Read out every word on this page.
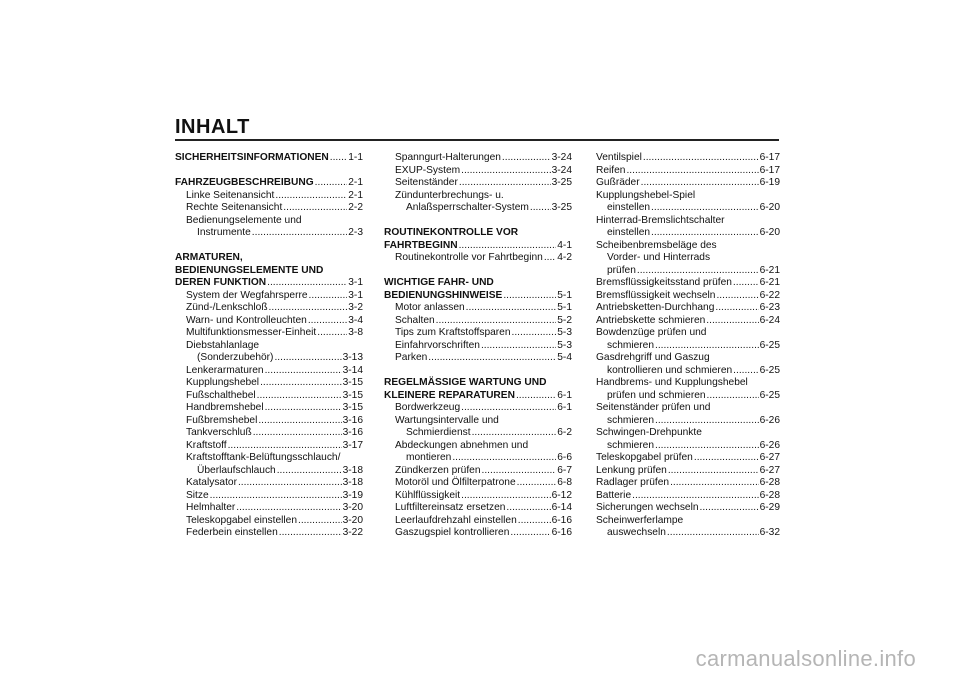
INHALT
SICHERHEITSINFORMATIONEN ..... 1-1
FAHRZEUGBESCHREIBUNG .....	2-1
Linke Seitenansicht .....	2-1
Rechte Seitenansicht .....	2-2
Bedienungselemente und
Instrumente .....	2-3
ARMATUREN,
BEDIENUNGSELEMENTE UND
DEREN FUNKTION .....	3-1
System der Wegfahrsperre .....	3-1
Zünd-/Lenkschloß .....	3-2
Warn- und Kontrolleuchten .....	3-4
Multifunktionsmesser-Einheit .....	3-8
Diebstahlanlage
(Sonderzubehör) .....	3-13
Lenkerarmaturen .....	3-14
Kupplungshebel .....	3-15
Fußschalthebel .....	3-15
Handbremshebel .....	3-15
Fußbremshebel .....	3-16
Tankverschluß .....	3-16
Kraftstoff .....	3-17
Kraftstofftank-Belüftungsschlauch/
Überlaufschlauch .....	3-18
Katalysator .....	3-18
Sitze .....	3-19
Helmhalter .....	3-20
Teleskopgabel einstellen .....	3-20
Federbein einstellen .....	3-22
Spanngurt-Halterungen .....	3-24
EXUP-System .....	3-24
Seitenständer .....	3-25
Zündunterbrechungs- u.
Anlaßsperrschalter-System ..... 3-25
ROUTINEKONTROLLE VOR
FAHRTBEGINN .....	4-1
Routinekontrolle vor Fahrtbeginn ..... 4-2
WICHTIGE FAHR- UND
BEDIENUNGSHINWEISE .....	5-1
Motor anlassen .....	5-1
Schalten .....	5-2
Tips zum Kraftstoffsparen .....	5-3
Einfahrvorschriften .....	5-3
Parken .....	5-4
REGELMÄSSIGE WARTUNG UND
KLEINERE REPARATUREN .....	6-1
Bordwerkzeug .....	6-1
Wartungsintervalle und
Schmierdienst .....	6-2
Abdeckungen abnehmen und
montieren .....	6-6
Zündkerzen prüfen .....	6-7
Motoröl und Ölfilterpatrone .....	6-8
Kühlflüssigkeit .....	6-12
Luftfiltereinsatz ersetzen .....	6-14
Leerlaufdrehzahl einstellen .....	6-16
Gaszugspiel kontrollieren .....	6-16
Ventilspiel .....	6-17
Reifen .....	6-17
Gußräder .....	6-19
Kupplungshebel-Spiel
einstellen .....	6-20
Hinterrad-Bremslichtschalter
einstellen .....	6-20
Scheibenbremsbeläge des
Vorder- und Hinterrads
prüfen .....	6-21
Bremsflüssigkeitsstand prüfen .....	6-21
Bremsflüssigkeit wechseln .....	6-22
Antriebsketten-Durchhang .....	6-23
Antriebskette schmieren .....	6-24
Bowdenzüge prüfen und
schmieren .....	6-25
Gasdrehgriff und Gaszug
kontrollieren und schmieren .....	6-25
Handbrems- und Kupplungshebel
prüfen und schmieren .....	6-25
Seitenständer prüfen und
schmieren .....	6-26
Schwingen-Drehpunkte
schmieren .....	6-26
Teleskopgabel prüfen .....	6-27
Lenkung prüfen .....	6-27
Radlager prüfen .....	6-28
Batterie .....	6-28
Sicherungen wechseln .....	6-29
Scheinwerferlampe
auswechseln .....	6-32
carmanualsonline.info
